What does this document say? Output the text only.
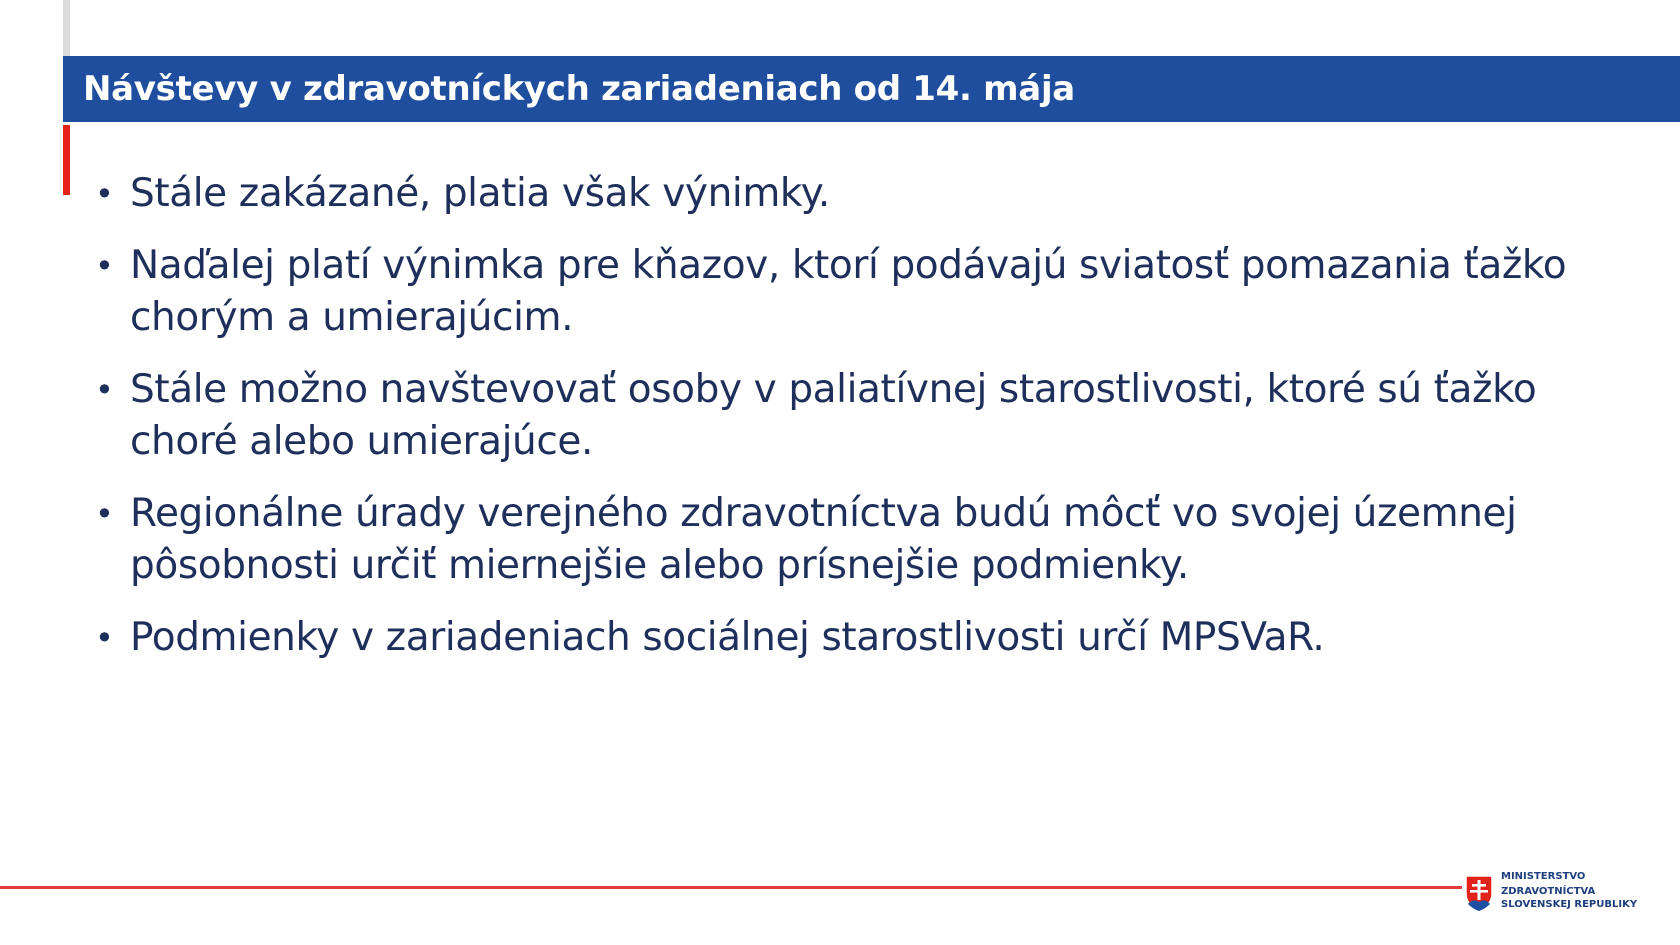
Návštevy v zdravotníckych zariadeniach od 14. mája
• Stále zakázané, platia však výnimky.
• Naďalej platí výnimka pre kňazov, ktorí podávajú sviatosť pomazania ťažko chorým a umierajúcim.
• Stále možno navštevovať osoby v paliatívnej starostlivosti, ktoré sú ťažko choré alebo umierajúce.
• Regionálne úrady verejného zdravotníctva budú môcť vo svojej územnej pôsobnosti určiť miernejšie alebo prísnejšie podmienky.
• Podmienky v zariadeniach sociálnej starostlivosti určí MPSVaR.
MINISTERSTVO
ZDRAVOTNÍCTVA
SLOVENSKEJ REPUBLIKY
